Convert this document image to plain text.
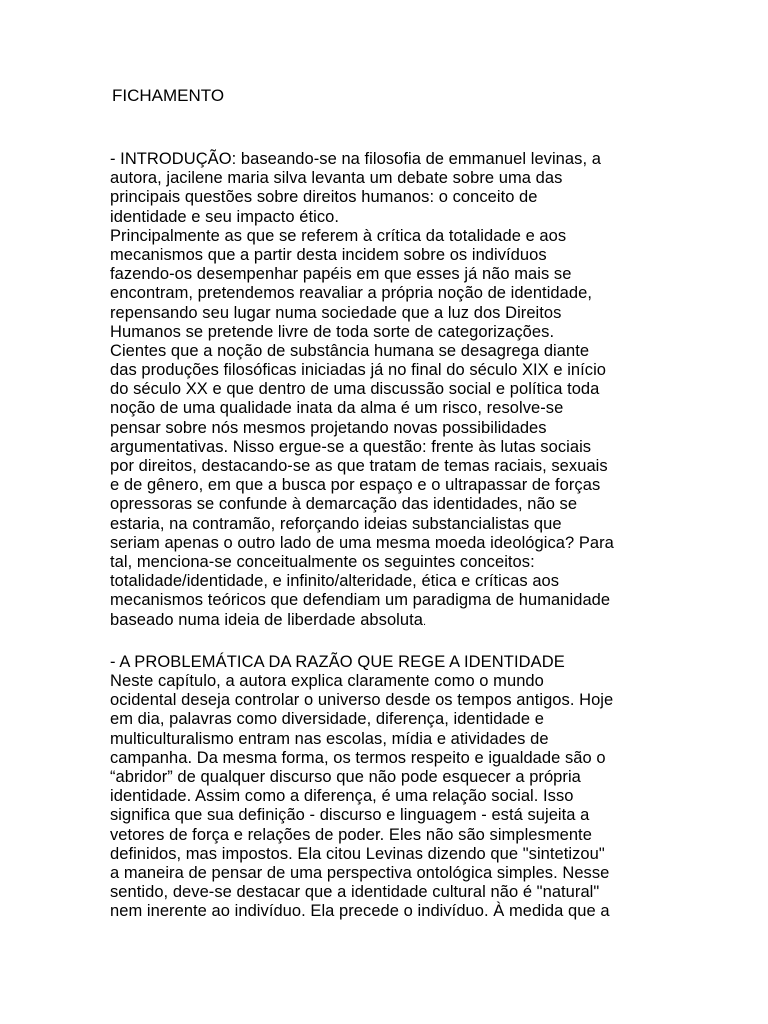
FICHAMENTO
- INTRODUÇÃO: baseando-se na filosofia de emmanuel levinas, a
autora, jacilene maria silva levanta um debate sobre uma das
principais questões sobre direitos humanos: o conceito de
identidade e seu impacto ético.
Principalmente as que se referem à crítica da totalidade e aos
mecanismos que a partir desta incidem sobre os indivíduos
fazendo-os desempenhar papéis em que esses já não mais se
encontram, pretendemos reavaliar a própria noção de identidade,
repensando seu lugar numa sociedade que a luz dos Direitos
Humanos se pretende livre de toda sorte de categorizações.
Cientes que a noção de substância humana se desagrega diante
das produções filosóficas iniciadas já no final do século XIX e início
do século XX e que dentro de uma discussão social e política toda
noção de uma qualidade inata da alma é um risco, resolve-se
pensar sobre nós mesmos projetando novas possibilidades
argumentativas. Nisso ergue-se a questão: frente às lutas sociais
por direitos, destacando-se as que tratam de temas raciais, sexuais
e de gênero, em que a busca por espaço e o ultrapassar de forças
opressoras se confunde à demarcação das identidades, não se
estaria, na contramão, reforçando ideias substancialistas que
seriam apenas o outro lado de uma mesma moeda ideológica? Para
tal, menciona-se conceitualmente os seguintes conceitos:
totalidade/identidade, e infinito/alteridade, ética e críticas aos
mecanismos teóricos que defendiam um paradigma de humanidade
baseado numa ideia de liberdade absoluta.
- A PROBLEMÁTICA DA RAZÃO QUE REGE A IDENTIDADE
Neste capítulo, a autora explica claramente como o mundo
ocidental deseja controlar o universo desde os tempos antigos. Hoje
em dia, palavras como diversidade, diferença, identidade e
multiculturalismo entram nas escolas, mídia e atividades de
campanha. Da mesma forma, os termos respeito e igualdade são o
“abridor” de qualquer discurso que não pode esquecer a própria
identidade. Assim como a diferença, é uma relação social. Isso
significa que sua definição - discurso e linguagem - está sujeita a
vetores de força e relações de poder. Eles não são simplesmente
definidos, mas impostos. Ela citou Levinas dizendo que "sintetizou"
a maneira de pensar de uma perspectiva ontológica simples. Nesse
sentido, deve-se destacar que a identidade cultural não é "natural"
nem inerente ao indivíduo. Ela precede o indivíduo. À medida que a
